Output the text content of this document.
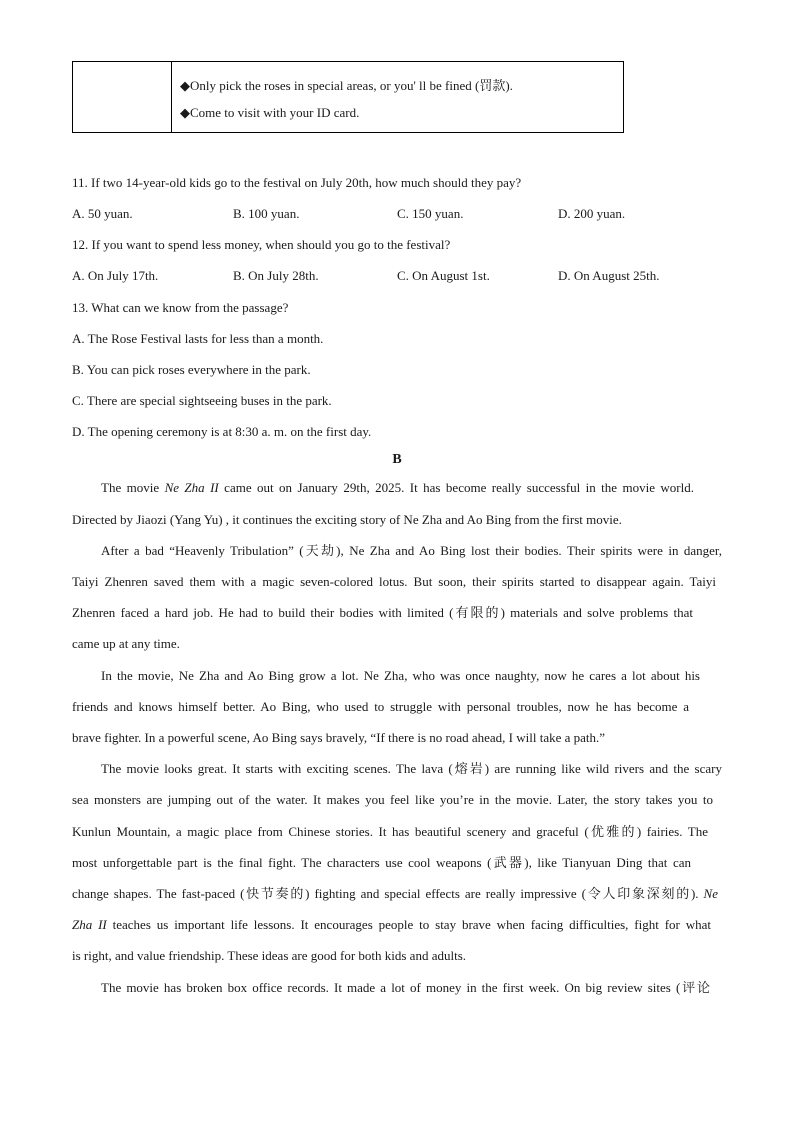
◆Only pick the roses in special areas, or you' ll be fined (罚款).
◆Come to visit with your ID card.
11. If two 14-year-old kids go to the festival on July 20th, how much should they pay?
A. 50 yuan.	B. 100 yuan.	C. 150 yuan.	D. 200 yuan.
12. If you want to spend less money, when should you go to the festival?
A. On July 17th.	B. On July 28th.	C. On August 1st.	D. On August 25th.
13. What can we know from the passage?
A. The Rose Festival lasts for less than a month.
B. You can pick roses everywhere in the park.
C. There are special sightseeing buses in the park.
D. The opening ceremony is at 8:30 a. m. on the first day.
B
The movie Ne Zha II came out on January 29th, 2025. It has become really successful in the movie world.
Directed by Jiaozi (Yang Yu) , it continues the exciting story of Ne Zha and Ao Bing from the first movie.
After a bad “Heavenly Tribulation” (天劫), Ne Zha and Ao Bing lost their bodies. Their spirits were in danger,
Taiyi Zhenren saved them with a magic seven-colored lotus. But soon, their spirits started to disappear again. Taiyi
Zhenren faced a hard job. He had to build their bodies with limited (有限的) materials and solve problems that
came up at any time.
In the movie, Ne Zha and Ao Bing grow a lot. Ne Zha, who was once naughty, now he cares a lot about his
friends and knows himself better. Ao Bing, who used to struggle with personal troubles, now he has become a
brave fighter. In a powerful scene, Ao Bing says bravely, “If there is no road ahead, I will take a path.”
The movie looks great. It starts with exciting scenes. The lava (熔岩) are running like wild rivers and the scary
sea monsters are jumping out of the water. It makes you feel like you’re in the movie. Later, the story takes you to
Kunlun Mountain, a magic place from Chinese stories. It has beautiful scenery and graceful (优雅的) fairies. The
most unforgettable part is the final fight. The characters use cool weapons (武器), like Tianyuan Ding that can
change shapes. The fast-paced (快节奏的) fighting and special effects are really impressive (令人印象深刻的). Ne
Zha II teaches us important life lessons. It encourages people to stay brave when facing difficulties, fight for what
is right, and value friendship. These ideas are good for both kids and adults.
The movie has broken box office records. It made a lot of money in the first week. On big review sites (评论
